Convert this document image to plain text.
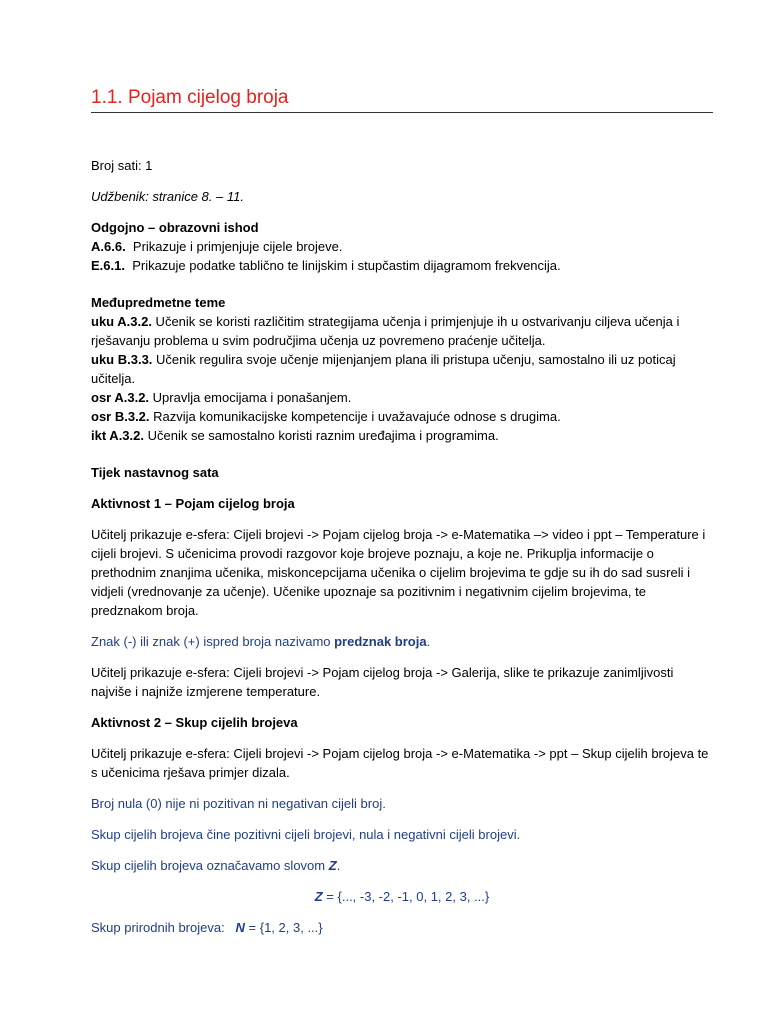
1.1. Pojam cijelog broja

Broj sati: 1

Udžbenik: stranice 8. – 11.

Odgojno – obrazovni ishod

A.6.6.  Prikazuje i primjenjuje cijele brojeve.

E.6.1.  Prikazuje podatke tablično te linijskim i stupčastim dijagramom frekvencija.

Međupredmetne teme

uku A.3.2. Učenik se koristi različitim strategijama učenja i primjenjuje ih u ostvarivanju ciljeva učenja i rješavanju problema u svim područjima učenja uz povremeno praćenje učitelja.

uku B.3.3. Učenik regulira svoje učenje mijenjanjem plana ili pristupa učenju, samostalno ili uz poticaj učitelja.

osr A.3.2. Upravlja emocijama i ponašanjem.

osr B.3.2. Razvija komunikacijske kompetencije i uvažavajuće odnose s drugima.

ikt A.3.2. Učenik se samostalno koristi raznim uređajima i programima.

Tijek nastavnog sata

Aktivnost 1 – Pojam cijelog broja

Učitelj prikazuje e-sfera: Cijeli brojevi -> Pojam cijelog broja -> e-Matematika –> video i ppt – Temperature i cijeli brojevi. S učenicima provodi razgovor koje brojeve poznaju, a koje ne. Prikuplja informacije o prethodnim znanjima učenika, miskoncepcijama učenika o cijelim brojevima te gdje su ih do sad susreli i vidjeli (vrednovanje za učenje). Učenike upoznaje sa pozitivnim i negativnim cijelim brojevima, te predznakom broja.

Znak (-) ili znak (+) ispred broja nazivamo predznak broja.

Učitelj prikazuje e-sfera: Cijeli brojevi -> Pojam cijelog broja -> Galerija, slike te prikazuje zanimljivosti najviše i najniže izmjerene temperature.

Aktivnost 2 – Skup cijelih brojeva

Učitelj prikazuje e-sfera: Cijeli brojevi -> Pojam cijelog broja -> e-Matematika -> ppt – Skup cijelih brojeva te s učenicima rješava primjer dizala.

Broj nula (0) nije ni pozitivan ni negativan cijeli broj.

Skup cijelih brojeva čine pozitivni cijeli brojevi, nula i negativni cijeli brojevi.

Skup cijelih brojeva označavamo slovom Z.

Z = {..., -3, -2, -1, 0, 1, 2, 3, ...}

Skup prirodnih brojeva:   N = {1, 2, 3, ...}
